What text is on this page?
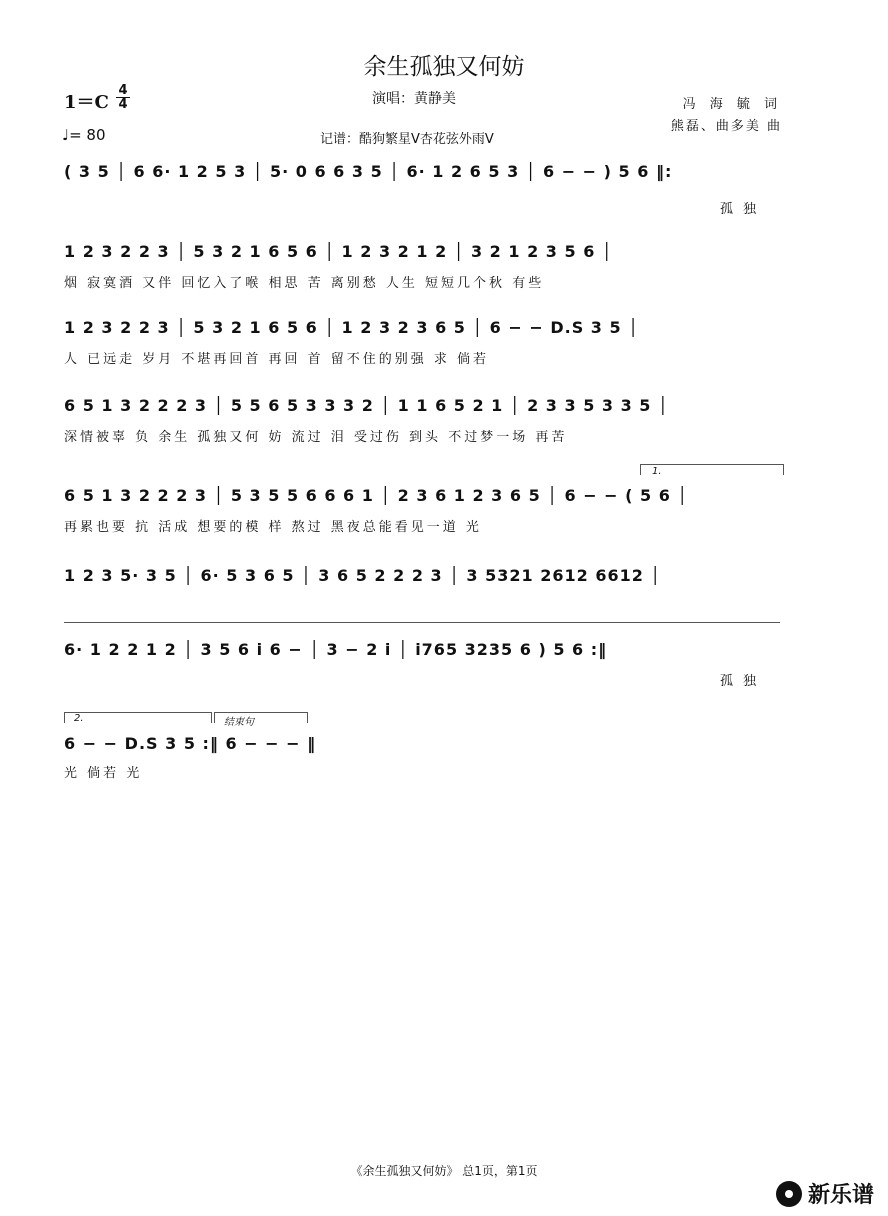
余生孤独又何妨
1＝C
4
4
♩= 80
演唱：黄静美
记谱：酷狗繁星V杏花弦外雨V
冯 海 毓 词
熊磊、曲多美 曲
( 3 5 │ 6 6· 1 2 5 3 │ 5· 0 6 6 3 5 │ 6· 1 2 6 5 3 │ 6 − − ) 5 6 ‖:
孤 独
1 2 3 2 2 3 │ 5 3 2 1 6 5 6 │ 1 2 3 2 1 2 │ 3 2 1 2 3 5 6 │
烟 寂寞酒 又伴 回忆入了喉 相思 苦 离别愁 人生 短短几个秋 有些
1 2 3 2 2 3 │ 5 3 2 1 6 5 6 │ 1 2 3 2 3 6 5 │ 6 − − D.S 3 5 │
人 已远走 岁月 不堪再回首 再回 首 留不住的别强 求 倘若
6 5 1 3 2 2 2 3 │ 5 5 6 5 3 3 3 2 │ 1 1 6 5 2 1 │ 2 3 3 5 3 3 5 │
深情被辜 负 余生 孤独又何 妨 流过 泪 受过伤 到头 不过梦一场 再苦
1.
6 5 1 3 2 2 2 3 │ 5 3 5 5 6 6 6 1 │ 2 3 6 1 2 3 6 5 │ 6 − − ( 5 6 │
再累也要 抗 活成 想要的模 样 熬过 黑夜总能看见一道 光
1 2 3 5· 3 5 │ 6· 5 3 6 5 │ 3 6 5 2 2 2 3 │ 3 5321 2612 6612 │
6· 1 2 2 1 2 │ 3 5 6 i 6 − │ 3 − 2 i │ i765 3235 6 ) 5 6 :‖
孤 独
2.	结束句
6 − − D.S 3 5 :‖ 6 − − − ‖
光 倘若 光
《余生孤独又何妨》 总1页，第1页
新乐谱
